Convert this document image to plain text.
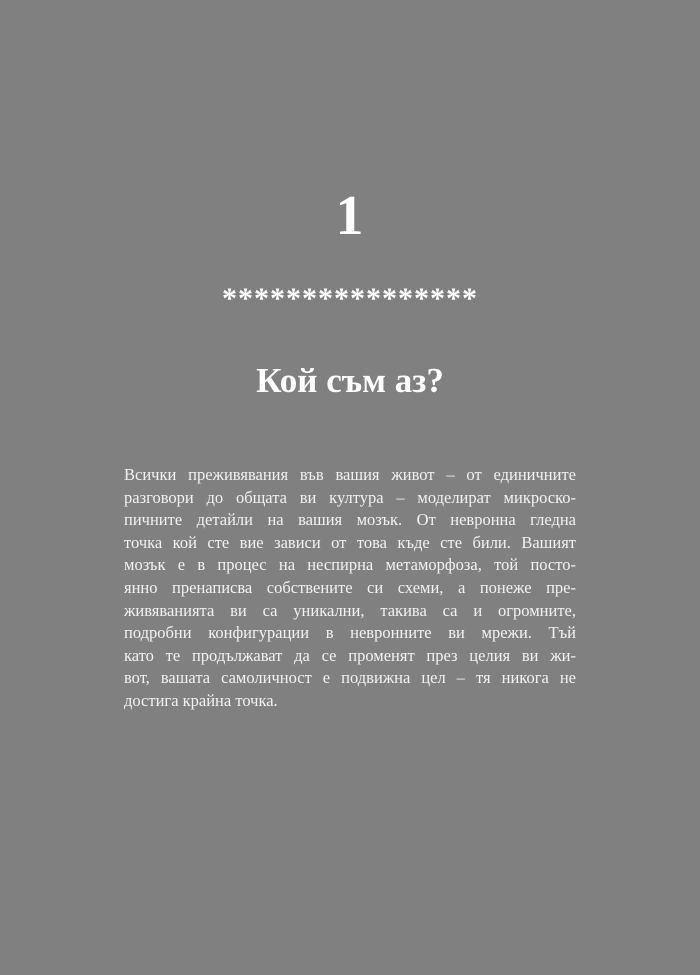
1
****************
Кой съм аз?

Всички преживявания във вашия живот – от единичните
разговори до общата ви култура – моделират микроско-
пичните детайли на вашия мозък. От невронна гледна
точка кой сте вие зависи от това къде сте били. Вашият
мозък е в процес на неспирна метаморфоза, той посто-
янно пренаписва собствените си схеми, а понеже пре-
живяванията ви са уникални, такива са и огромните,
подробни конфигурации в невронните ви мрежи. Тъй
като те продължават да се променят през целия ви жи-
вот, вашата самоличност е подвижна цел – тя никога не
достига крайна точка.
